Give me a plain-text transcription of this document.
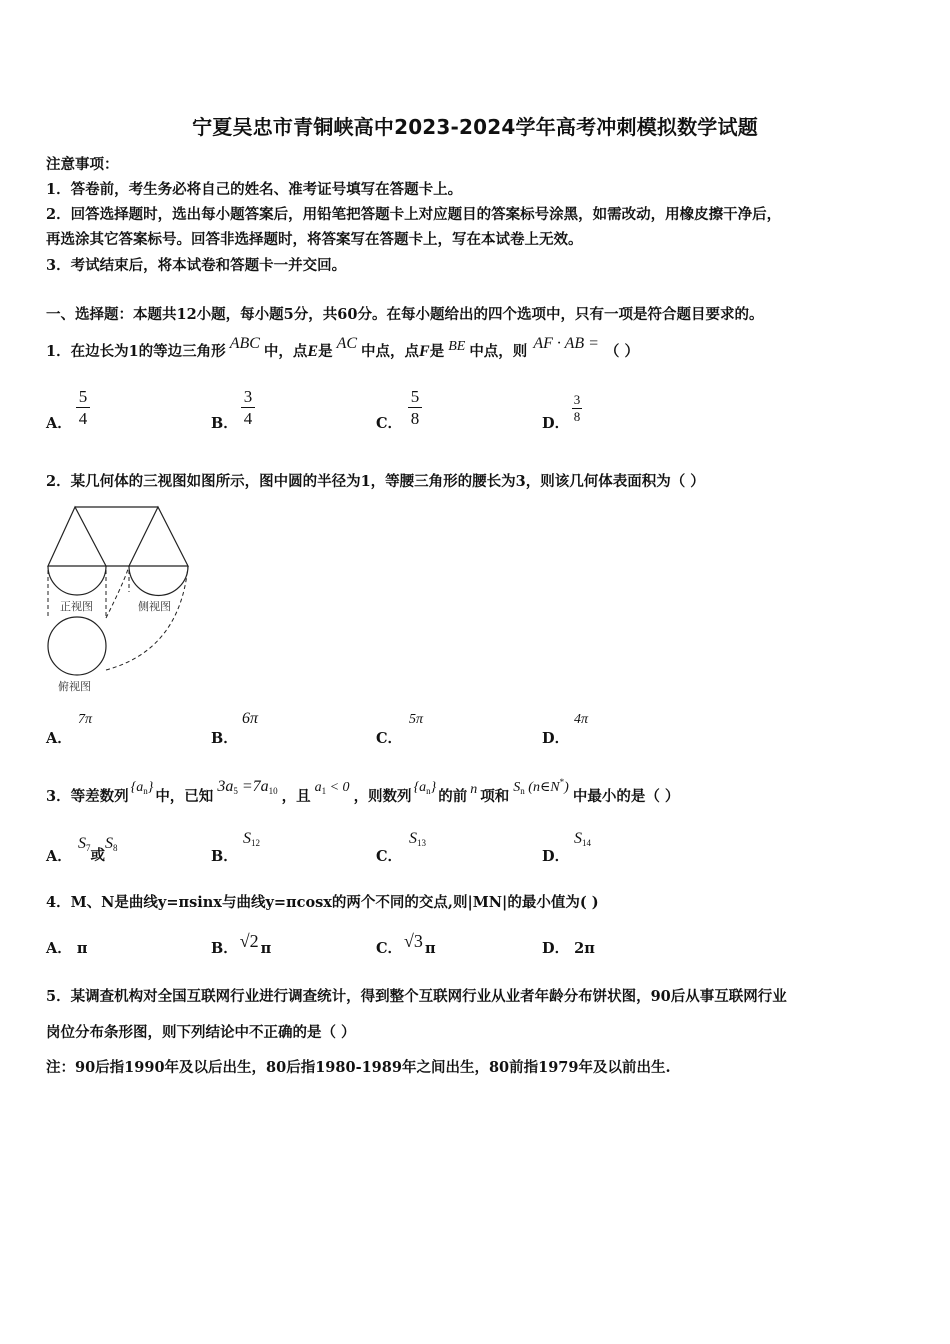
宁夏吴忠市青铜峡高中2023-2024学年高考冲刺模拟数学试题
注意事项：
1．答卷前，考生务必将自己的姓名、准考证号填写在答题卡上。
2．回答选择题时，选出每小题答案后，用铅笔把答题卡上对应题目的答案标号涂黑，如需改动，用橡皮擦干净后，
再选涂其它答案标号。回答非选择题时，将答案写在答题卡上，写在本试卷上无效。
3．考试结束后，将本试卷和答题卡一并交回。
一、选择题：本题共12小题，每小题5分，共60分。在每小题给出的四个选项中，只有一项是符合题目要求的。
1．在边长为1的等边三角形 ABC 中，点E是 AC 中点，点F是 BE 中点，则 AF · AB = （ ）
A．
5
4	B．
3
4	C．
5
8	D．
3
8
2．某几何体的三视图如图所示，图中圆的半径为1，等腰三角形的腰长为3，则该几何体表面积为（ ）
正视图	侧视图
俯视图
A．
7π
B．
6π
C．
5π
D．
4π
3．等差数列$\{a_n\}$中，已知$3a_5 =7a_{10}$ ，且$a_1 < 0$，则数列$\{a_n\}$的前 n 项和$S_n$ (n∈N*)中最小的是（ ）
A．
$S_7$或$S_8$	B．
$S_{12}$
C．
$S_{13}$
D．
$S_{14}$
4．M、N是曲线y=πsinx与曲线y=πcosx的两个不同的交点,则|MN|的最小值为( )
A． π	B． √2 π	C． √3 π	D． 2π
5．某调查机构对全国互联网行业进行调查统计，得到整个互联网行业从业者年龄分布饼状图，90后从事互联网行业
岗位分布条形图，则下列结论中不正确的是（ ）
注：90后指1990年及以后出生，80后指1980-1989年之间出生，80前指1979年及以前出生.
